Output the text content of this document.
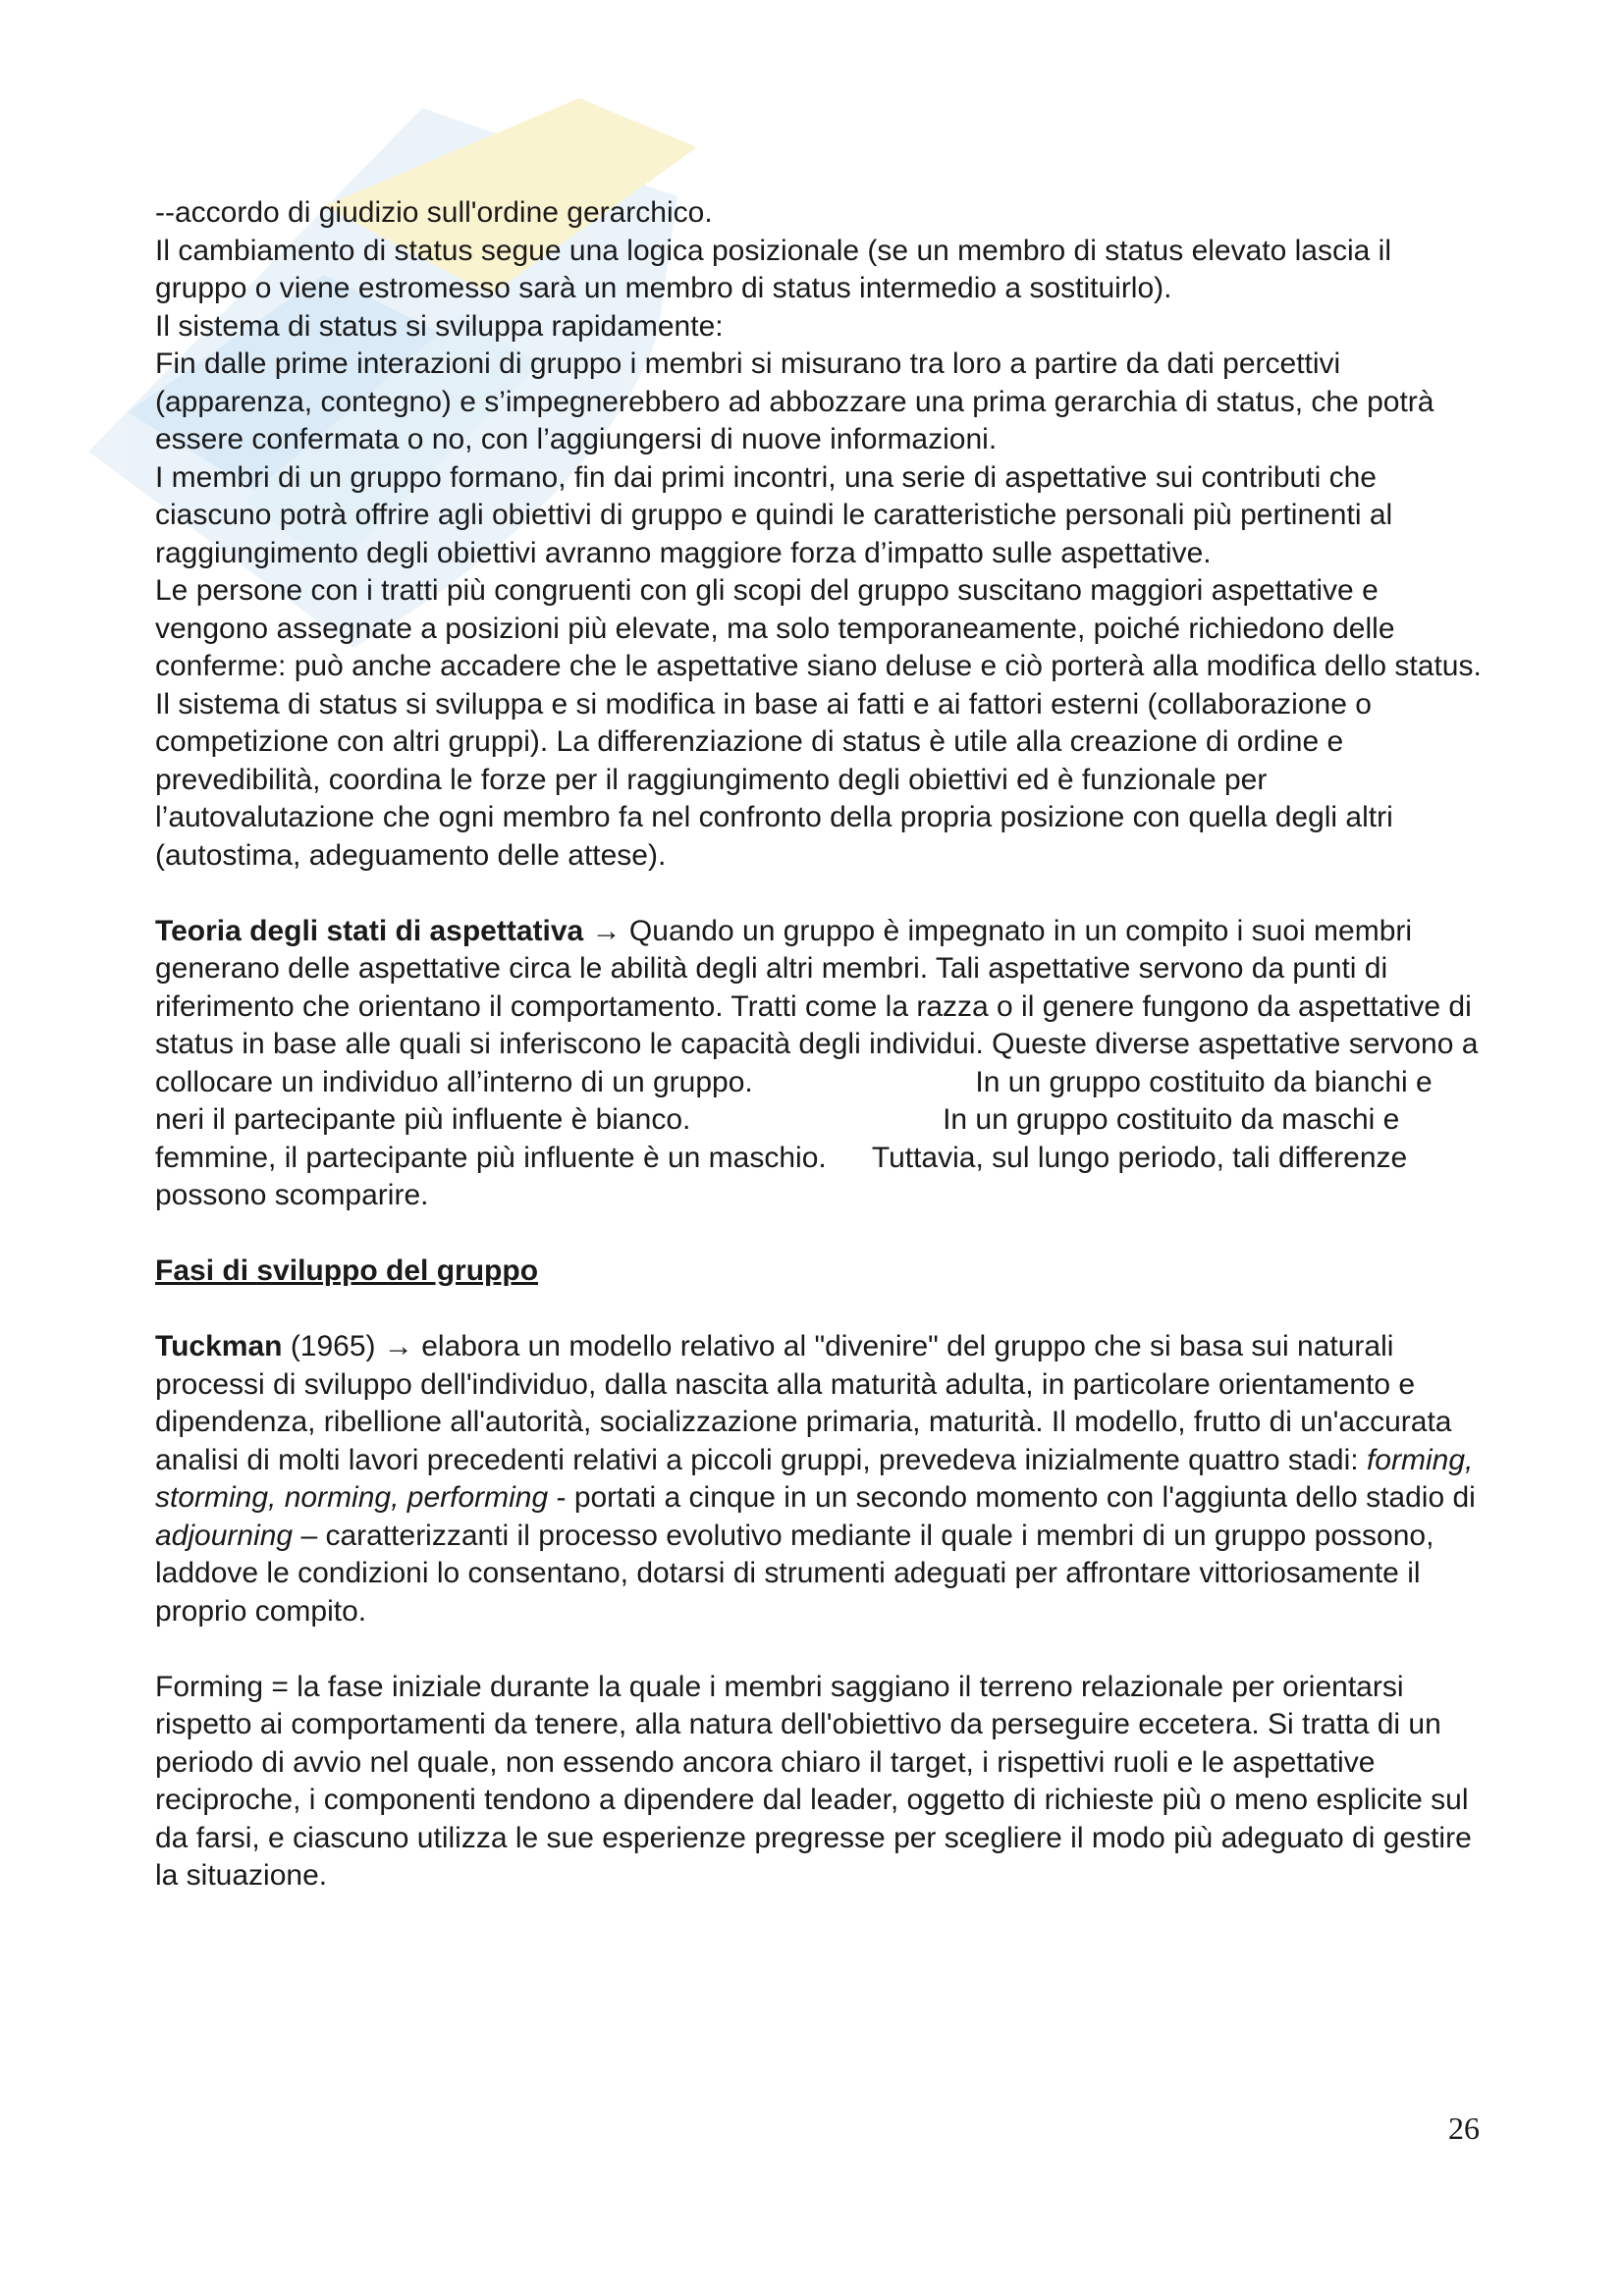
--accordo di giudizio sull'ordine gerarchico.

Il cambiamento di status segue una logica posizionale (se un membro di status elevato lascia il gruppo o viene estromesso sarà un membro di status intermedio a sostituirlo).

Il sistema di status si sviluppa rapidamente:

Fin dalle prime interazioni di gruppo i membri si misurano tra loro a partire da dati percettivi (apparenza, contegno) e s’impegnerebbero ad abbozzare una prima gerarchia di status, che potrà essere confermata o no, con l’aggiungersi di nuove informazioni.

I membri di un gruppo formano, fin dai primi incontri, una serie di aspettative sui contributi che ciascuno potrà offrire agli obiettivi di gruppo e quindi le caratteristiche personali più pertinenti al raggiungimento degli obiettivi avranno maggiore forza d’impatto sulle aspettative.

Le persone con i tratti più congruenti con gli scopi del gruppo suscitano maggiori aspettative e vengono assegnate a posizioni più elevate, ma solo temporaneamente, poiché richiedono delle conferme: può anche accadere che le aspettative siano deluse e ciò porterà alla modifica dello status. Il sistema di status si sviluppa e si modifica in base ai fatti e ai fattori esterni (collaborazione o competizione con altri gruppi). La differenziazione di status è utile alla creazione di ordine e prevedibilità, coordina le forze per il raggiungimento degli obiettivi ed è funzionale per l’autovalutazione che ogni membro fa nel confronto della propria posizione con quella degli altri (autostima, adeguamento delle attese).

Teoria degli stati di aspettativa → Quando un gruppo è impegnato in un compito i suoi membri generano delle aspettative circa le abilità degli altri membri. Tali aspettative servono da punti di riferimento che orientano il comportamento. Tratti come la razza o il genere fungono da aspettative di status in base alle quali si inferiscono le capacità degli individui. Queste diverse aspettative servono a collocare un individuo all’interno di un gruppo.	In un gruppo costituito da bianchi e neri il partecipante più influente è bianco.	In un gruppo costituito da maschi e femmine, il partecipante più influente è un maschio. Tuttavia, sul lungo periodo, tali differenze possono scomparire.

Fasi di sviluppo del gruppo

Tuckman (1965) → elabora un modello relativo al "divenire" del gruppo che si basa sui naturali processi di sviluppo dell'individuo, dalla nascita alla maturità adulta, in particolare orientamento e dipendenza, ribellione all'autorità, socializzazione primaria, maturità. Il modello, frutto di un'accurata analisi di molti lavori precedenti relativi a piccoli gruppi, prevedeva inizialmente quattro stadi: forming, storming, norming, performing - portati a cinque in un secondo momento con l'aggiunta dello stadio di adjourning – caratterizzanti il processo evolutivo mediante il quale i membri di un gruppo possono, laddove le condizioni lo consentano, dotarsi di strumenti adeguati per affrontare vittoriosamente il proprio compito.

Forming = la fase iniziale durante la quale i membri saggiano il terreno relazionale per orientarsi rispetto ai comportamenti da tenere, alla natura dell'obiettivo da perseguire eccetera. Si tratta di un periodo di avvio nel quale, non essendo ancora chiaro il target, i rispettivi ruoli e le aspettative reciproche, i componenti tendono a dipendere dal leader, oggetto di richieste più o meno esplicite sul da farsi, e ciascuno utilizza le sue esperienze pregresse per scegliere il modo più adeguato di gestire la situazione.

26
